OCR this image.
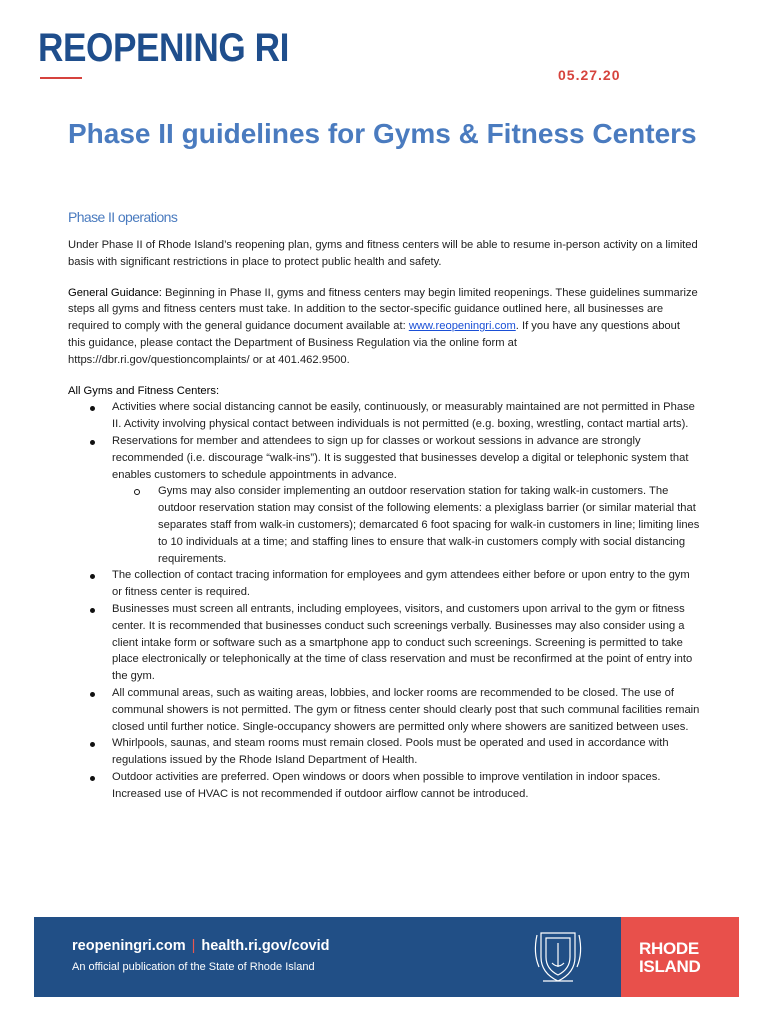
REOPENING RI
05.27.20
Phase II guidelines for Gyms & Fitness Centers
Phase II operations

Under Phase II of Rhode Island’s reopening plan, gyms and fitness centers will be able to resume in-person activity on a limited basis with significant restrictions in place to protect public health and safety.

General Guidance: Beginning in Phase II, gyms and fitness centers may begin limited reopenings. These guidelines summarize steps all gyms and fitness centers must take. In addition to the sector-specific guidance outlined here, all businesses are required to comply with the general guidance document available at: www.reopeningri.com. If you have any questions about this guidance, please contact the Department of Business Regulation via the online form at https://dbr.ri.gov/questioncomplaints/ or at 401.462.9500.

All Gyms and Fitness Centers:
Activities where social distancing cannot be easily, continuously, or measurably maintained are not permitted in Phase II. Activity involving physical contact between individuals is not permitted (e.g. boxing, wrestling, contact martial arts).
Reservations for member and attendees to sign up for classes or workout sessions in advance are strongly recommended (i.e. discourage “walk-ins”). It is suggested that businesses develop a digital or telephonic system that enables customers to schedule appointments in advance.
Gyms may also consider implementing an outdoor reservation station for taking walk-in customers. The outdoor reservation station may consist of the following elements: a plexiglass barrier (or similar material that separates staff from walk-in customers); demarcated 6 foot spacing for walk-in customers in line; limiting lines to 10 individuals at a time; and staffing lines to ensure that walk-in customers comply with social distancing requirements.
The collection of contact tracing information for employees and gym attendees either before or upon entry to the gym or fitness center is required.
Businesses must screen all entrants, including employees, visitors, and customers upon arrival to the gym or fitness center. It is recommended that businesses conduct such screenings verbally. Businesses may also consider using a client intake form or software such as a smartphone app to conduct such screenings. Screening is permitted to take place electronically or telephonically at the time of class reservation and must be reconfirmed at the point of entry into the gym.
All communal areas, such as waiting areas, lobbies, and locker rooms are recommended to be closed. The use of communal showers is not permitted. The gym or fitness center should clearly post that such communal facilities remain closed until further notice. Single-occupancy showers are permitted only where showers are sanitized between uses.
Whirlpools, saunas, and steam rooms must remain closed. Pools must be operated and used in accordance with regulations issued by the Rhode Island Department of Health.
Outdoor activities are preferred. Open windows or doors when possible to improve ventilation in indoor spaces. Increased use of HVAC is not recommended if outdoor airflow cannot be introduced.
reopeningri.com | health.ri.gov/covid
An official publication of the State of Rhode Island
RHODE
ISLAND
